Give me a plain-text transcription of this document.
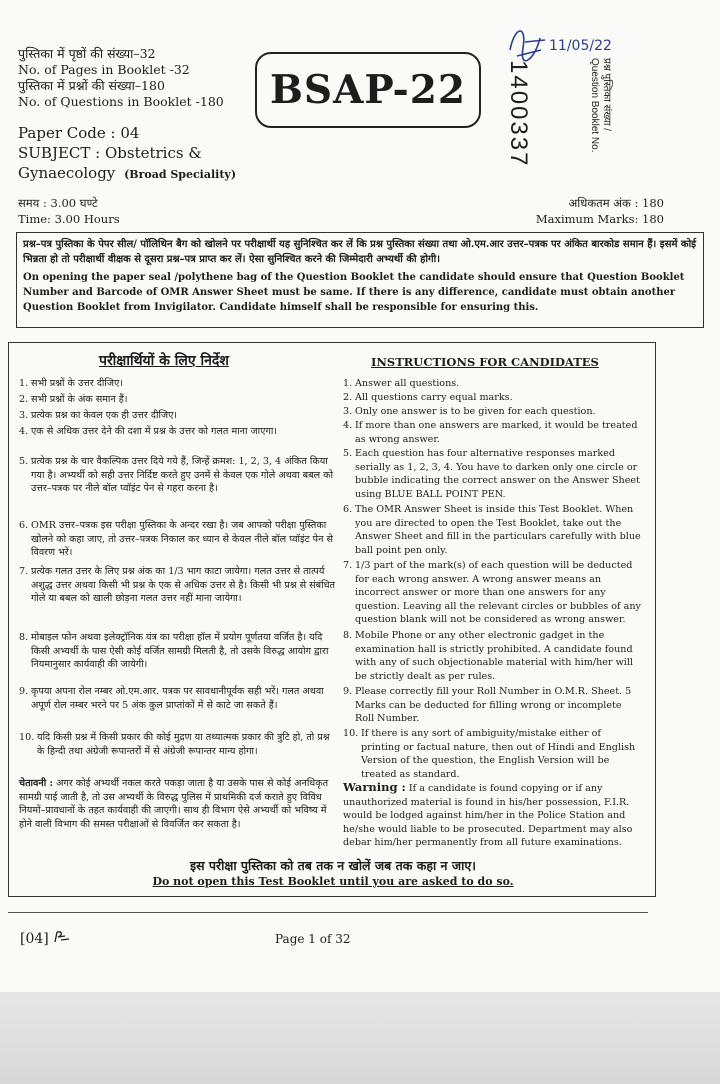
पुस्तिका में पृष्ठों की संख्या–32
No. of Pages in Booklet -32
पुस्तिका में प्रश्नों की संख्या–180
No. of Questions in Booklet -180
Paper Code : 04
SUBJECT : Obstetrics &
Gynaecology (Broad Speciality)
BSAP-22
11/05/22
1400337	प्रश्न पुस्तिका संख्या /
Question Booklet No.
समय : 3.00 घण्टे
Time: 3.00 Hours
अधिकतम अंक : 180
Maximum Marks: 180
प्रश्न–पत्र पुस्तिका के पेपर सील/ पॉलिथिन बैग को खोलने पर परीक्षार्थी यह सुनिश्चित कर लें कि प्रश्न पुस्तिका संख्या तथा ओ.एम.आर उत्तर–पत्रक पर अंकित बारकोड समान हैं। इसमें कोई भिन्नता हो तो परीक्षार्थी वीक्षक से दूसरा प्रश्न–पत्र प्राप्त कर लें। ऐसा सुनिश्चित करने की जिम्मेदारी अभ्यर्थी की होगी।
On opening the paper seal /polythene bag of the Question Booklet the candidate should ensure that Question Booklet Number and Barcode of OMR Answer Sheet must be same. If there is any difference, candidate must obtain another Question Booklet from Invigilator. Candidate himself shall be responsible for ensuring this.
परीक्षार्थियों के लिए निर्देश	INSTRUCTIONS FOR CANDIDATES
1. सभी प्रश्नों के उत्तर दीजिए।
2. सभी प्रश्नों के अंक समान हैं।
3. प्रत्येक प्रश्न का केवल एक ही उत्तर दीजिए।
4. एक से अधिक उत्तर देने की दशा में प्रश्न के उत्तर को गलत माना जाएगा।
5. प्रत्येक प्रश्न के चार वैकल्पिक उत्तर दिये गये हैं, जिन्हें क्रमश: 1, 2, 3, 4 अंकित किया गया है। अभ्यर्थी को सही उत्तर निर्दिष्ट करते हुए उनमें से केवल एक गोले अथवा बबल को उत्तर–पत्रक पर नीले बॉल प्वॉइंट पेन से गहरा करना है।
6. OMR उत्तर–पत्रक इस परीक्षा पुस्तिका के अन्दर रखा है। जब आपको परीक्षा पुस्तिका खोलने को कहा जाए, तो उत्तर–पत्रक निकाल कर ध्यान से केवल नीले बॉल प्वॉइंट पेन से विवरण भरें।
7. प्रत्येक गलत उत्तर के लिए प्रश्न अंक का 1/3 भाग काटा जायेगा। गलत उत्तर से तात्पर्य अशुद्ध उत्तर अथवा किसी भी प्रश्न के एक से अधिक उत्तर से है। किसी भी प्रश्न से संबंधित गोले या बबल को खाली छोड़ना गलत उत्तर नहीं माना जायेगा।
8. मोबाइल फोन अथवा इलेक्ट्रॉनिक यंत्र का परीक्षा हॉल में प्रयोग पूर्णतया वर्जित है। यदि किसी अभ्यर्थी के पास ऐसी कोई वर्जित सामग्री मिलती है, तो उसके विरुद्ध आयोग द्वारा नियमानुसार कार्यवाही की जायेगी।
9. कृपया अपना रोल नम्बर ओ.एम.आर. पत्रक पर सावधानीपूर्वक सही भरें। गलत अथवा अपूर्ण रोल नम्बर भरने पर 5 अंक कुल प्राप्तांकों में से काटे जा सकते हैं।
10. यदि किसी प्रश्न में किसी प्रकार की कोई मुद्रण या तथ्यात्मक प्रकार की त्रुटि हो, तो प्रश्न के हिन्दी तथा अंग्रेजी रूपान्तरों में से अंग्रेजी रूपान्तर मान्य होगा।
चेतावनी : अगर कोई अभ्यर्थी नकल करते पकड़ा जाता है या उसके पास से कोई अनधिकृत सामग्री पाई जाती है, तो उस अभ्यर्थी के विरुद्ध पुलिस में प्राथमिकी दर्ज कराते हुए विविध नियमों–प्रावधानों के तहत कार्यवाही की जाएगी। साथ ही विभाग ऐसे अभ्यर्थी को भविष्य में होने वाली विभाग की समस्त परीक्षाओं से विवर्जित कर सकता है।
1. Answer all questions.
2. All questions carry equal marks.
3. Only one answer is to be given for each question.
4. If more than one answers are marked, it would be treated as wrong answer.
5. Each question has four alternative responses marked serially as 1, 2, 3, 4. You have to darken only one circle or bubble indicating the correct answer on the Answer Sheet using BLUE BALL POINT PEN.
6. The OMR Answer Sheet is inside this Test Booklet. When you are directed to open the Test Booklet, take out the Answer Sheet and fill in the particulars carefully with blue ball point pen only.
7. 1/3 part of the mark(s) of each question will be deducted for each wrong answer. A wrong answer means an incorrect answer or more than one answers for any question. Leaving all the relevant circles or bubbles of any question blank will not be considered as wrong answer.
8. Mobile Phone or any other electronic gadget in the examination hall is strictly prohibited. A candidate found with any of such objectionable material with him/her will be strictly dealt as per rules.
9. Please correctly fill your Roll Number in O.M.R. Sheet. 5 Marks can be deducted for filling wrong or incomplete Roll Number.
10. If there is any sort of ambiguity/mistake either of printing or factual nature, then out of Hindi and English Version of the question, the English Version will be treated as standard.
Warning : If a candidate is found copying or if any unauthorized material is found in his/her possession, F.I.R. would be lodged against him/her in the Police Station and he/she would liable to be prosecuted. Department may also debar him/her permanently from all future examinations.
इस परीक्षा पुस्तिका को तब तक न खोलें जब तक कहा न जाए।
Do not open this Test Booklet until you are asked to do so.
[04]	Page 1 of 32
